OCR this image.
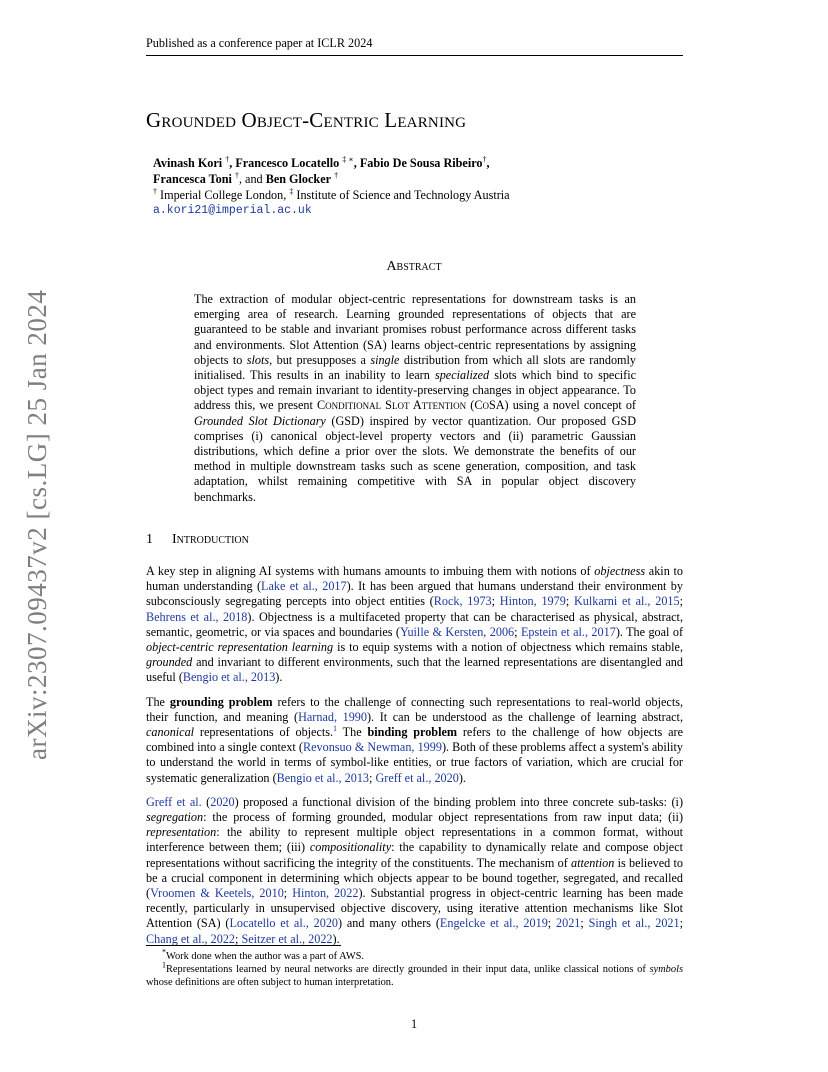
Published as a conference paper at ICLR 2024
arXiv:2307.09437v2 [cs.LG] 25 Jan 2024
Grounded Object-Centric Learning
Avinash Kori †, Francesco Locatello ‡ ∗, Fabio De Sousa Ribeiro†,
Francesca Toni †, and Ben Glocker †
† Imperial College London, ‡ Institute of Science and Technology Austria
a.kori21@imperial.ac.uk
Abstract
The extraction of modular object-centric representations for downstream tasks is an emerging area of research. Learning grounded representations of objects that are guaranteed to be stable and invariant promises robust performance across different tasks and environments. Slot Attention (SA) learns object-centric representations by assigning objects to slots, but presupposes a single distribution from which all slots are randomly initialised. This results in an inability to learn specialized slots which bind to specific object types and remain invariant to identity-preserving changes in object appearance. To address this, we present Conditional Slot Attention (CoSA) using a novel concept of Grounded Slot Dictionary (GSD) inspired by vector quantization. Our proposed GSD comprises (i) canonical object-level property vectors and (ii) parametric Gaussian distributions, which define a prior over the slots. We demonstrate the benefits of our method in multiple downstream tasks such as scene generation, composition, and task adaptation, whilst remaining competitive with SA in popular object discovery benchmarks.
1 Introduction

A key step in aligning AI systems with humans amounts to imbuing them with notions of objectness akin to human understanding (Lake et al., 2017). It has been argued that humans understand their environment by subconsciously segregating percepts into object entities (Rock, 1973; Hinton, 1979; Kulkarni et al., 2015; Behrens et al., 2018). Objectness is a multifaceted property that can be characterised as physical, abstract, semantic, geometric, or via spaces and boundaries (Yuille & Kersten, 2006; Epstein et al., 2017). The goal of object-centric representation learning is to equip systems with a notion of objectness which remains stable, grounded and invariant to different environments, such that the learned representations are disentangled and useful (Bengio et al., 2013).

The grounding problem refers to the challenge of connecting such representations to real-world objects, their function, and meaning (Harnad, 1990). It can be understood as the challenge of learning abstract, canonical representations of objects.$^1$ The binding problem refers to the challenge of how objects are combined into a single context (Revonsuo & Newman, 1999). Both of these problems affect a system's ability to understand the world in terms of symbol-like entities, or true factors of variation, which are crucial for systematic generalization (Bengio et al., 2013; Greff et al., 2020).

Greff et al. (2020) proposed a functional division of the binding problem into three concrete sub-tasks: (i) segregation: the process of forming grounded, modular object representations from raw input data; (ii) representation: the ability to represent multiple object representations in a common format, without interference between them; (iii) compositionality: the capability to dynamically relate and compose object representations without sacrificing the integrity of the constituents. The mechanism of attention is believed to be a crucial component in determining which objects appear to be bound together, segregated, and recalled (Vroomen & Keetels, 2010; Hinton, 2022). Substantial progress in object-centric learning has been made recently, particularly in unsupervised objective discovery, using iterative attention mechanisms like Slot Attention (SA) (Locatello et al., 2020) and many others (Engelcke et al., 2019; 2021; Singh et al., 2021; Chang et al., 2022; Seitzer et al., 2022).

*Work done when the author was a part of AWS.

$^1$Representations learned by neural networks are directly grounded in their input data, unlike classical notions of symbols whose definitions are often subject to human interpretation.

1
